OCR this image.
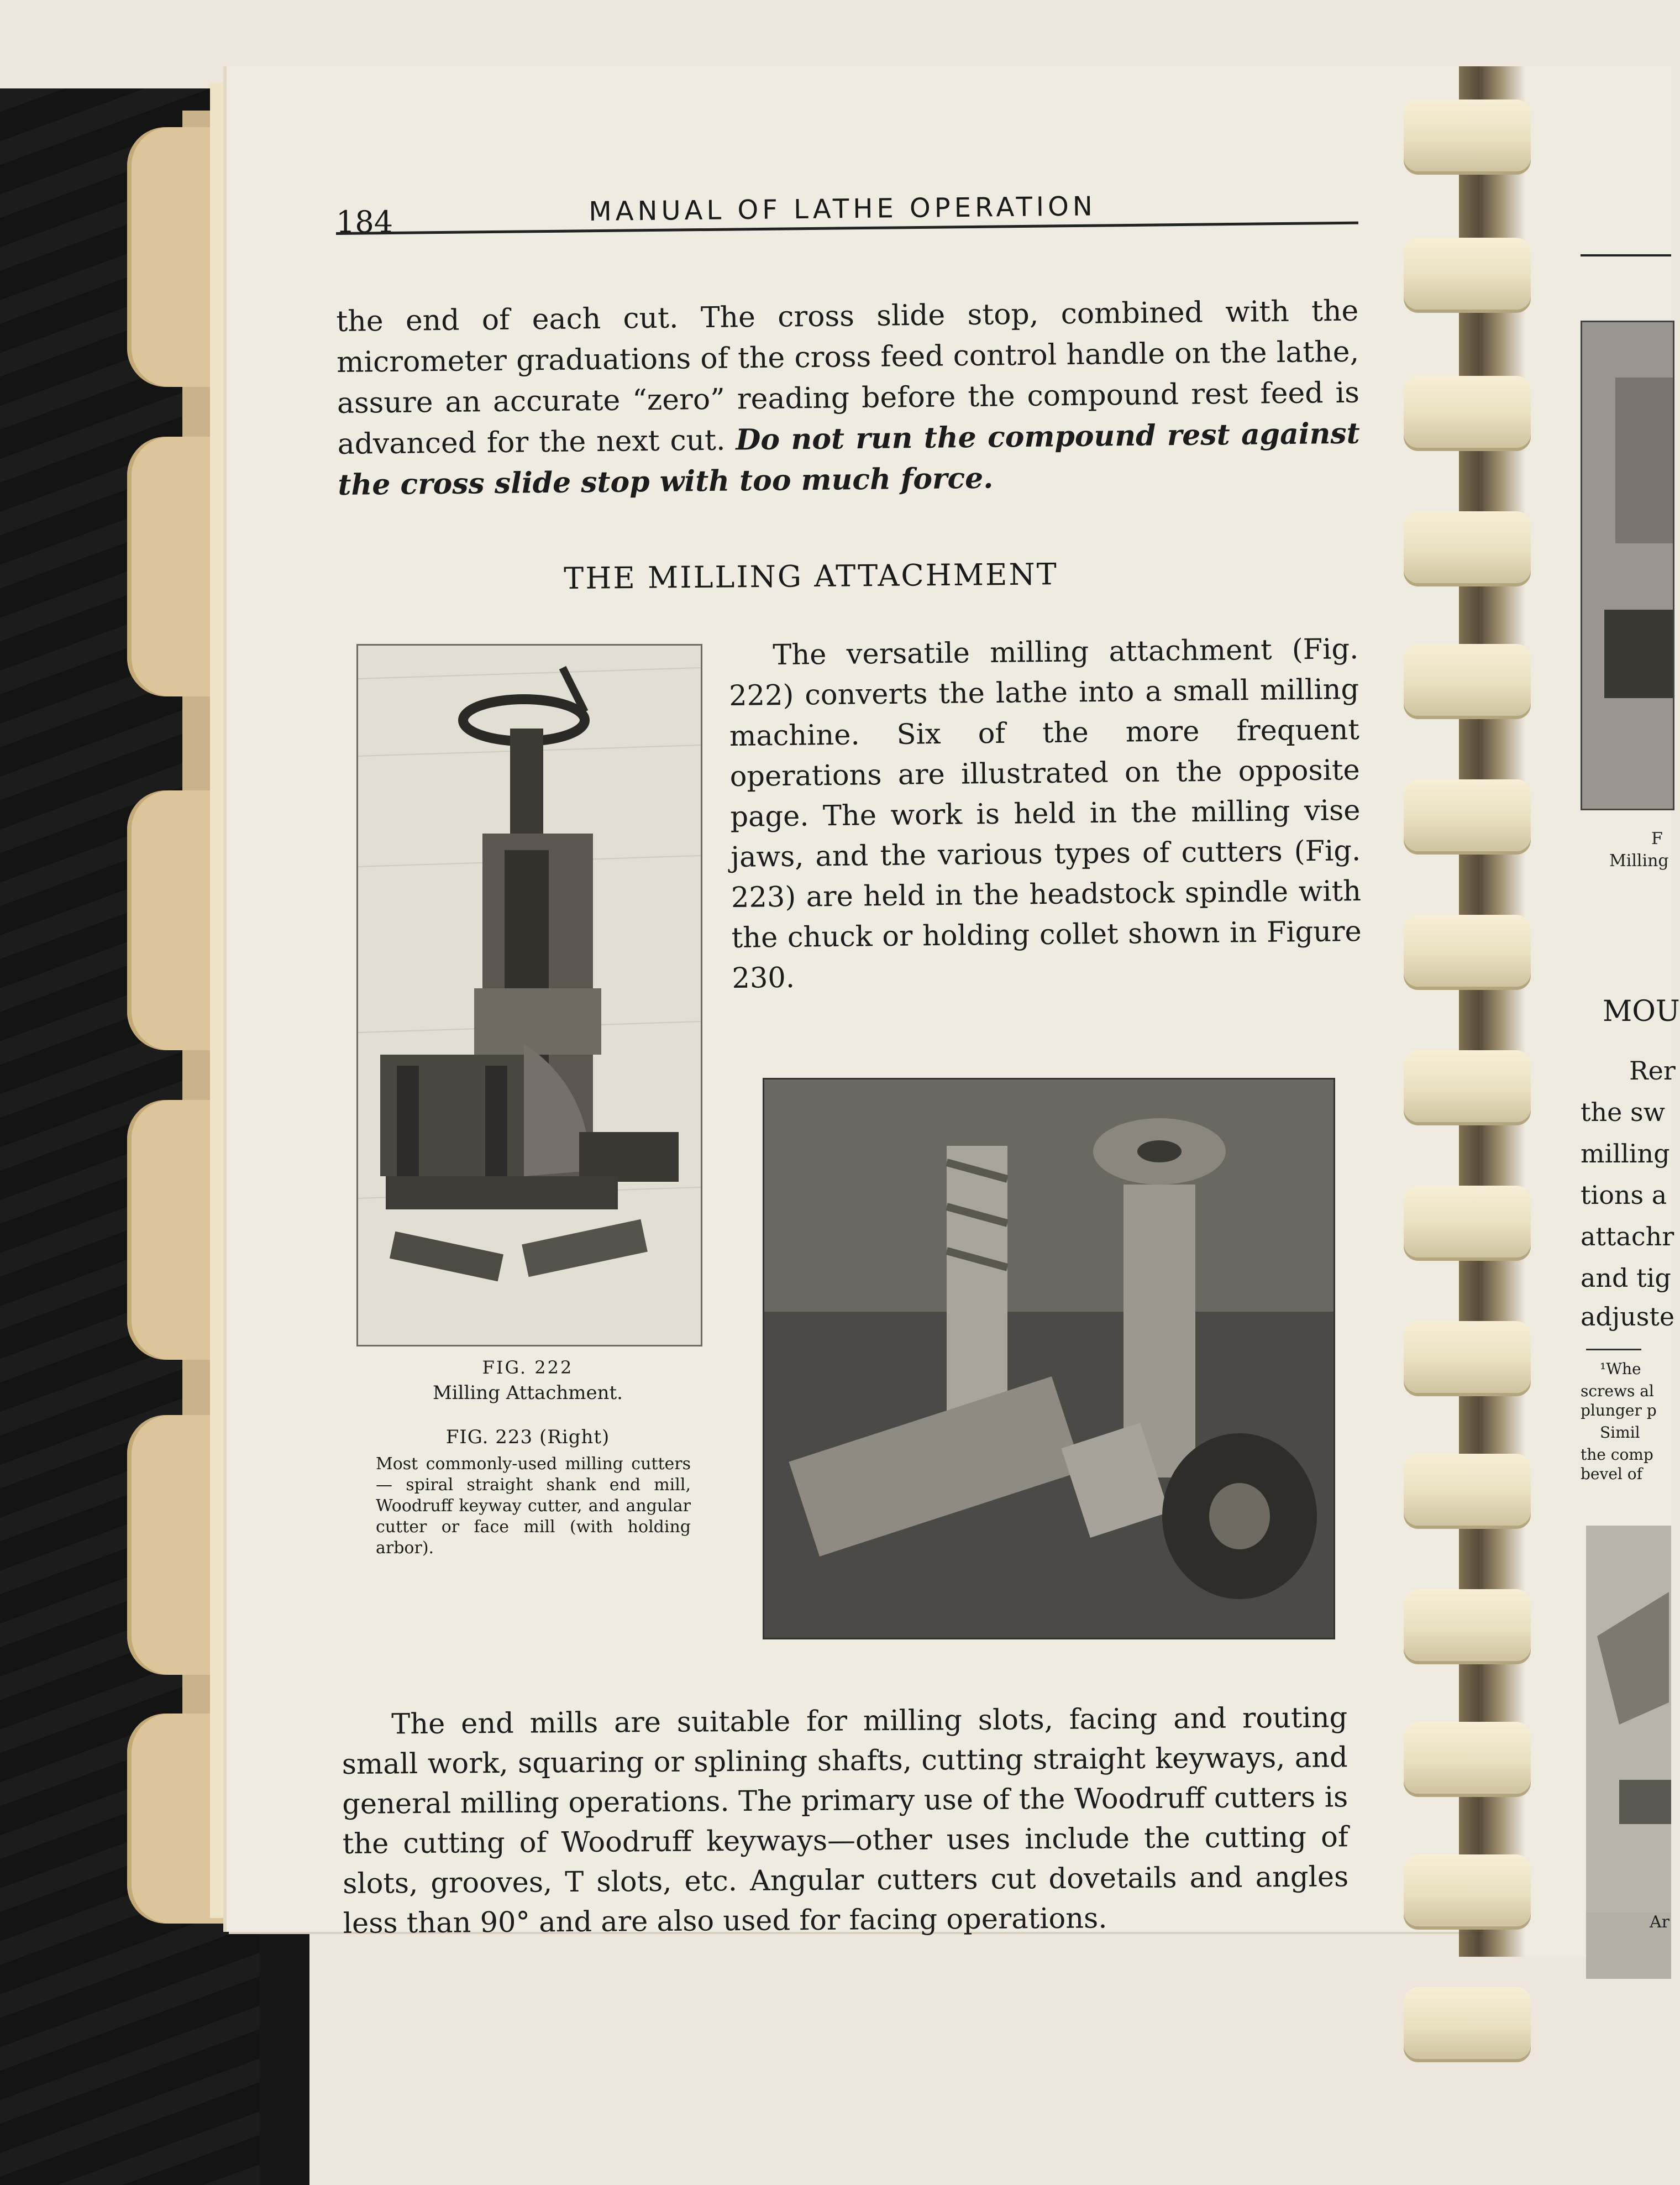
184	MANUAL OF LATHE OPERATION

the end of each cut. The cross slide stop, combined with the micrometer graduations of the cross feed control handle on the lathe, assure an accurate “zero” reading before the compound rest feed is advanced for the next cut. Do not run the compound rest against the cross slide stop with too much force.

THE MILLING ATTACHMENT

The versatile milling attachment (Fig. 222) converts the lathe into a small milling machine. Six of the more frequent operations are illustrated on the opposite page. The work is held in the milling vise jaws, and the various types of cutters (Fig. 223) are held in the headstock spindle with the chuck or holding collet shown in Figure 230.

FIG. 222

Milling Attachment.

FIG. 223 (Right)

Most commonly-used milling cutters — spiral straight shank end mill, Woodruff keyway cutter, and angular cutter or face mill (with holding arbor).

The end mills are suitable for milling slots, facing and routing small work, squaring or splining shafts, cutting straight keyways, and general milling operations. The primary use of the Woodruff cutters is the cutting of Woodruff keyways—other uses include the cutting of slots, grooves, T slots, etc. Angular cutters cut dovetails and angles less than 90° and are also used for facing operations.

F

Milling

MOU

Rer

the sw

milling

tions a

attachr

and tig

adjuste

¹Whe

screws al

plunger p

Simil

the comp

bevel of

Ar
